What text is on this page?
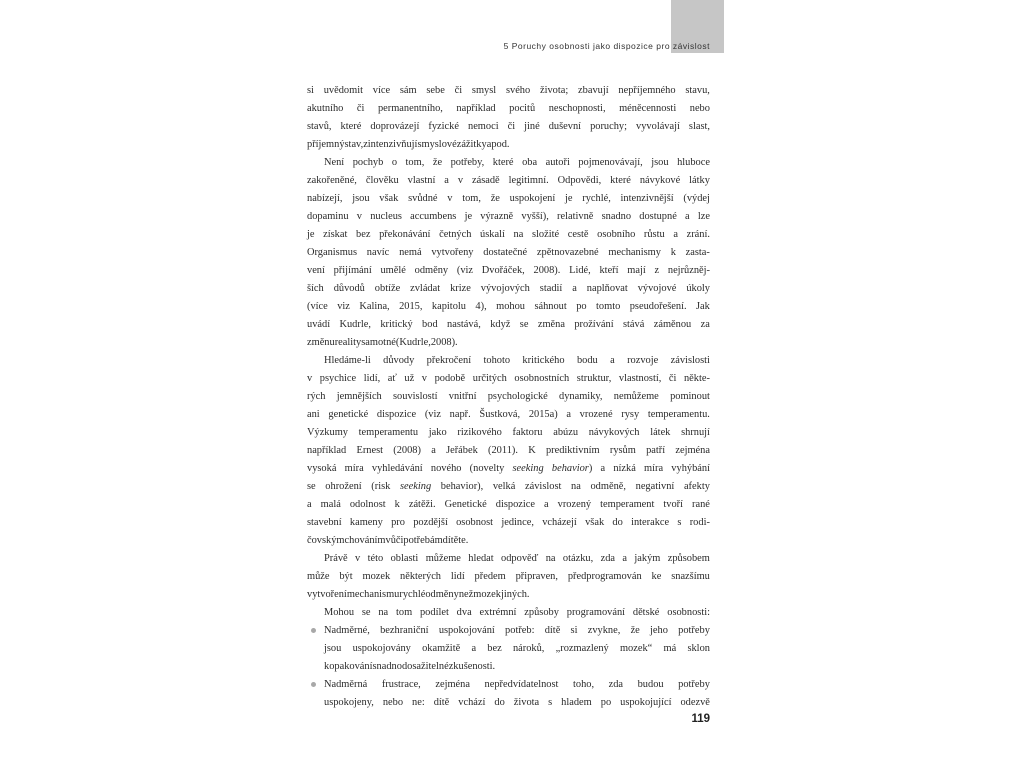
5 Poruchy osobnosti jako dispozice pro závislost
si uvědomit více sám sebe či smysl svého života; zbavují nepříjemného stavu,
akutního či permanentního, například pocitů neschopnosti, méněcennosti nebo
stavů, které doprovázejí fyzické nemoci či jiné duševní poruchy; vyvolávají slast,
příjemný stav, zintenzivňují smyslové zážitky apod.
Není pochyb o tom, že potřeby, které oba autoři pojmenovávají, jsou hluboce
zakořeněné, člověku vlastní a v zásadě legitimní. Odpovědi, které návykové látky
nabízejí, jsou však svůdné v tom, že uspokojení je rychlé, intenzivnější (výdej
dopaminu v nucleus accumbens je výrazně vyšší), relativně snadno dostupné a lze
je získat bez překonávání četných úskalí na složité cestě osobního růstu a zrání.
Organismus navíc nemá vytvořeny dostatečné zpětnovazebné mechanismy k zasta-
vení přijímání umělé odměny (viz Dvořáček, 2008). Lidé, kteří mají z nejrůzněj-
ších důvodů obtíže zvládat krize vývojových stadií a naplňovat vývojové úkoly
(více viz Kalina, 2015, kapitolu 4), mohou sáhnout po tomto pseudořešení. Jak
uvádí Kudrle, kritický bod nastává, když se změna prožívání stává záměnou za
změnu reality samotné (Kudrle, 2008).
Hledáme-li důvody překročení tohoto kritického bodu a rozvoje závislosti
v psychice lidí, ať už v podobě určitých osobnostních struktur, vlastností, či někte-
rých jemnějších souvislostí vnitřní psychologické dynamiky, nemůžeme pominout
ani genetické dispozice (viz např. Šustková, 2015a) a vrozené rysy temperamentu.
Výzkumy temperamentu jako rizikového faktoru abúzu návykových látek shrnují
například Ernest (2008) a Jeřábek (2011). K prediktivním rysům patří zejména
vysoká míra vyhledávání nového (novelty seeking behavior) a nízká míra vyhýbání
se ohrožení (risk seeking behavior), velká závislost na odměně, negativní afekty
a malá odolnost k zátěži. Genetické dispozice a vrozený temperament tvoří rané
stavební kameny pro pozdější osobnost jedince, vcházejí však do interakce s rodi-
čovským chováním vůči potřebám dítěte.
Právě v této oblasti můžeme hledat odpověď na otázku, zda a jakým způsobem
může být mozek některých lidí předem připraven, předprogramován ke snazšímu
vytvoření mechanismu rychlé odměny než mozek jiných.
Mohou se na tom podílet dva extrémní způsoby programování dětské osobnosti:
Nadměrné, bezhraniční uspokojování potřeb: dítě si zvykne, že jeho potřeby
jsou uspokojovány okamžitě a bez nároků, „rozmazlený mozek“ má sklon
k opakování snadno dosažitelné zkušenosti.
Nadměrná frustrace, zejména nepředvídatelnost toho, zda budou potřeby
uspokojeny, nebo ne: dítě vchází do života s hladem po uspokojující odezvě
119
